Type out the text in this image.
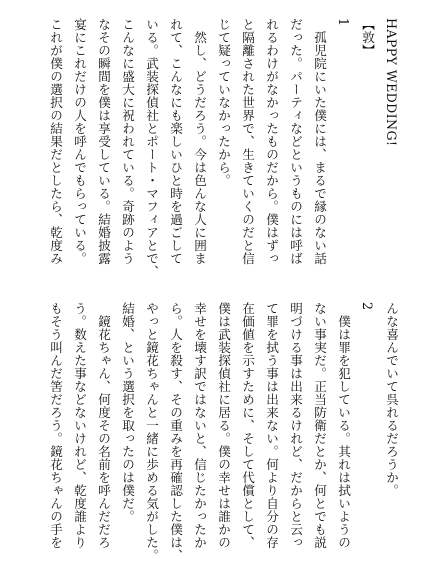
HAPPY WEDDING!
【敦】
1
　孤児院にいた僕には、まるで縁のない話
だった。パーティなどというものには呼ば
れるわけがなかったものだから。僕はずっ
と隔離された世界で、生きていくのだと信
じて疑っていなかったから。
　然し、どうだろう。今は色んな人に囲ま
れて、こんなにも楽しいひと時を過ごして
いる。武装探偵社とポート・マフィアとで、
こんなに盛大に祝われている。奇跡のよう
なその瞬間を僕は享受している。結婚披露
宴にこれだけの人を呼んでもらっている。
これが僕の選択の結果だとしたら、乾度み
んな喜んでいて呉れるだろうか。
2
　僕は罪を犯している。其れは拭いようの
ない事実だ。正当防衛だとか、何とでも説
明づける事は出来るけれど、だからと云っ
て罪を拭う事は出来ない。何より自分の存
在価値を示すために、そして代償として、
僕は武装探偵社に居る。僕の幸せは誰かの
幸せを壊す訳ではないと、信じたかったか
ら。人を殺す、その重みを再確認した僕は、
やっと鏡花ちゃんと一緒に歩める気がした。
結婚、という選択を取ったのは僕だ。
　鏡花ちゃん、何度その名前を呼んだだろ
う。数えた事などないけれど、乾度誰より
もそう叫んだ筈だろう。鏡花ちゃんの手を
